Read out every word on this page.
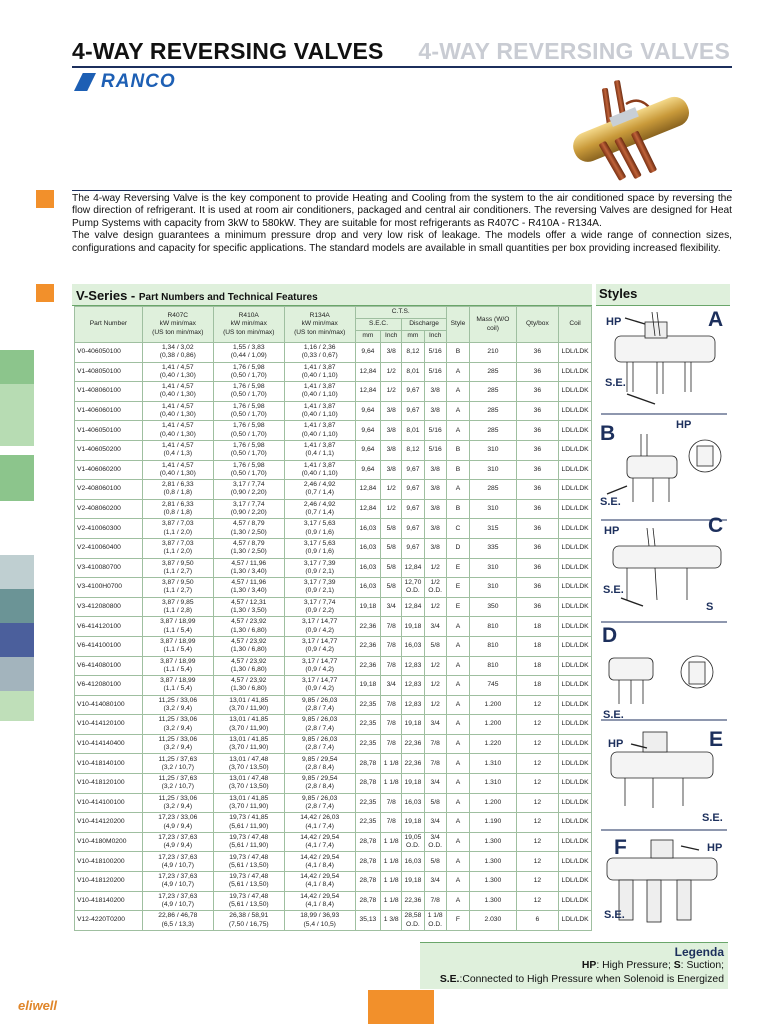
4-WAY REVERSING VALVES 4-WAY REVERSING VALVES
RANCO

The 4-way Reversing Valve is the key component to provide Heating and Cooling from the system to the air conditioned space by reversing the flow direction of refrigerant. It is used at room air conditioners, packaged and central air conditioners. The reversing Valves are designed for Heat Pump Systems with capacity from 3kW to 580kW. They are suitable for most refrigerants as R407C - R410A - R134A.

The valve design guarantees a minimum pressure drop and very low risk of leakage. The models offer a wide range of connection sizes, configurations and capacity for specific applications. The standard models are available in small quantities per box providing increased flexibility.

V-Series - Part Numbers and Technical Features	Styles
Part Number	R407C
kW min/max
(US ton min/max)	R410A
kW min/max
(US ton min/max)	R134A
kW min/max
(US ton min/max)	C.T.S.				Style	Mass (W/O coil)	Qty/box	Coil
				S.E.C.		Discharge					
				mm	Inch	mm	Inch				
V0-406050100	1,34 / 3,02
(0,38 / 0,86)	1,55 / 3,83
(0,44 / 1,09)	1,16 / 2,36
(0,33 / 0,67)	9,64	3/8	8,12	5/16	B	210	36	LDL/LDK
V1-408050100	1,41 / 4,57
(0,40 / 1,30)	1,76 / 5,98
(0,50 / 1,70)	1,41 / 3,87
(0,40 / 1,10)	12,84	1/2	8,01	5/16	A	285	36	LDL/LDK
V1-408060100	1,41 / 4,57
(0,40 / 1,30)	1,76 / 5,98
(0,50 / 1,70)	1,41 / 3,87
(0,40 / 1,10)	12,84	1/2	9,67	3/8	A	285	36	LDL/LDK
V1-406060100	1,41 / 4,57
(0,40 / 1,30)	1,76 / 5,98
(0,50 / 1,70)	1,41 / 3,87
(0,40 / 1,10)	9,64	3/8	9,67	3/8	A	285	36	LDL/LDK
V1-406050100	1,41 / 4,57
(0,40 / 1,30)	1,76 / 5,98
(0,50 / 1,70)	1,41 / 3,87
(0,40 / 1,10)	9,64	3/8	8,01	5/16	A	285	36	LDL/LDK
V1-406050200	1,41 / 4,57
(0,4 / 1,3)	1,76 / 5,98
(0,50 / 1,70)	1,41 / 3,87
(0,4 / 1,1)	9,64	3/8	8,12	5/16	B	310	36	LDL/LDK
V1-406060200	1,41 / 4,57
(0,40 / 1,30)	1,76 / 5,98
(0,50 / 1,70)	1,41 / 3,87
(0,40 / 1,10)	9,64	3/8	9,67	3/8	B	310	36	LDL/LDK
V2-408060100	2,81 / 6,33
(0,8 / 1,8)	3,17 / 7,74
(0,90 / 2,20)	2,46 / 4,92
(0,7 / 1,4)	12,84	1/2	9,67	3/8	A	285	36	LDL/LDK
V2-408060200	2,81 / 6,33
(0,8 / 1,8)	3,17 / 7,74
(0,90 / 2,20)	2,46 / 4,92
(0,7 / 1,4)	12,84	1/2	9,67	3/8	B	310	36	LDL/LDK
V2-410060300	3,87 / 7,03
(1,1 / 2,0)	4,57 / 8,79
(1,30 / 2,50)	3,17 / 5,63
(0,9 / 1,6)	16,03	5/8	9,67	3/8	C	315	36	LDL/LDK
V2-410060400	3,87 / 7,03
(1,1 / 2,0)	4,57 / 8,79
(1,30 / 2,50)	3,17 / 5,63
(0,9 / 1,6)	16,03	5/8	9,67	3/8	D	335	36	LDL/LDK
V3-410080700	3,87 / 9,50
(1,1 / 2,7)	4,57 / 11,96
(1,30 / 3,40)	3,17 / 7,39
(0,9 / 2,1)	16,03	5/8	12,84	1/2	E	310	36	LDL/LDK
V3-4100H0700	3,87 / 9,50
(1,1 / 2,7)	4,57 / 11,96
(1,30 / 3,40)	3,17 / 7,39
(0,9 / 2,1)	16,03	5/8	12,70
O.D.	1/2
O.D.	E	310	36	LDL/LDK
V3-412080800	3,87 / 9,85
(1,1 / 2,8)	4,57 / 12,31
(1,30 / 3,50)	3,17 / 7,74
(0,9 / 2,2)	19,18	3/4	12,84	1/2	E	350	36	LDL/LDK
V6-414120100	3,87 / 18,99
(1,1 / 5,4)	4,57 / 23,92
(1,30 / 6,80)	3,17 / 14,77
(0,9 / 4,2)	22,36	7/8	19,18	3/4	A	810	18	LDL/LDK
V6-414100100	3,87 / 18,99
(1,1 / 5,4)	4,57 / 23,92
(1,30 / 6,80)	3,17 / 14,77
(0,9 / 4,2)	22,36	7/8	16,03	5/8	A	810	18	LDL/LDK
V6-414080100	3,87 / 18,99
(1,1 / 5,4)	4,57 / 23,92
(1,30 / 6,80)	3,17 / 14,77
(0,9 / 4,2)	22,36	7/8	12,83	1/2	A	810	18	LDL/LDK
V6-412080100	3,87 / 18,99
(1,1 / 5,4)	4,57 / 23,92
(1,30 / 6,80)	3,17 / 14,77
(0,9 / 4,2)	19,18	3/4	12,83	1/2	A	745	18	LDL/LDK
V10-414080100	11,25 / 33,06
(3,2 / 9,4)	13,01 / 41,85
(3,70 / 11,90)	9,85 / 26,03
(2,8 / 7,4)	22,35	7/8	12,83	1/2	A	1.200	12	LDL/LDK
V10-414120100	11,25 / 33,06
(3,2 / 9,4)	13,01 / 41,85
(3,70 / 11,90)	9,85 / 26,03
(2,8 / 7,4)	22,35	7/8	19,18	3/4	A	1.200	12	LDL/LDK
V10-414140400	11,25 / 33,06
(3,2 / 9,4)	13,01 / 41,85
(3,70 / 11,90)	9,85 / 26,03
(2,8 / 7,4)	22,35	7/8	22,36	7/8	A	1.220	12	LDL/LDK
V10-418140100	11,25 / 37,63
(3,2 / 10,7)	13,01 / 47,48
(3,70 / 13,50)	9,85 / 29,54
(2,8 / 8,4)	28,78	1 1/8	22,36	7/8	A	1.310	12	LDL/LDK
V10-418120100	11,25 / 37,63
(3,2 / 10,7)	13,01 / 47,48
(3,70 / 13,50)	9,85 / 29,54
(2,8 / 8,4)	28,78	1 1/8	19,18	3/4	A	1.310	12	LDL/LDK
V10-414100100	11,25 / 33,06
(3,2 / 9,4)	13,01 / 41,85
(3,70 / 11,90)	9,85 / 26,03
(2,8 / 7,4)	22,35	7/8	16,03	5/8	A	1.200	12	LDL/LDK
V10-414120200	17,23 / 33,06
(4,9 / 9,4)	19,73 / 41,85
(5,61 / 11,90)	14,42 / 26,03
(4,1 / 7,4)	22,35	7/8	19,18	3/4	A	1.190	12	LDL/LDK
V10-4180M0200	17,23 / 37,63
(4,9 / 9,4)	19,73 / 47,48
(5,61 / 11,90)	14,42 / 29,54
(4,1 / 7,4)	28,78	1 1/8	19,05
O.D.	3/4
O.D.	A	1.300	12	LDL/LDK
V10-418100200	17,23 / 37,63
(4,9 / 10,7)	19,73 / 47,48
(5,61 / 13,50)	14,42 / 29,54
(4,1 / 8,4)	28,78	1 1/8	16,03	5/8	A	1.300	12	LDL/LDK
V10-418120200	17,23 / 37,63
(4,9 / 10,7)	19,73 / 47,48
(5,61 / 13,50)	14,42 / 29,54
(4,1 / 8,4)	28,78	1 1/8	19,18	3/4	A	1.300	12	LDL/LDK
V10-418140200	17,23 / 37,63
(4,9 / 10,7)	19,73 / 47,48
(5,61 / 13,50)	14,42 / 29,54
(4,1 / 8,4)	28,78	1 1/8	22,36	7/8	A	1.300	12	LDL/LDK
V12-4220T0200	22,86 / 46,78
(6,5 / 13,3)	26,38 / 58,91
(7,50 / 16,75)	18,99 / 36,93
(5,4 / 10,5)	35,13	1 3/8	28,58
O.D.	1 1/8
O.D.	F	2.030	6	LDL/LDK
A
HP
S.E.
B	HP
S.E.
C
HP
S.E.
S
D
S.E.
E
HP
S.E.
F	HP
S.E.
Legenda
HP: High Pressure; S: Suction;
S.E.:Connected to High Pressure when Solenoid is Energized
eliwell
